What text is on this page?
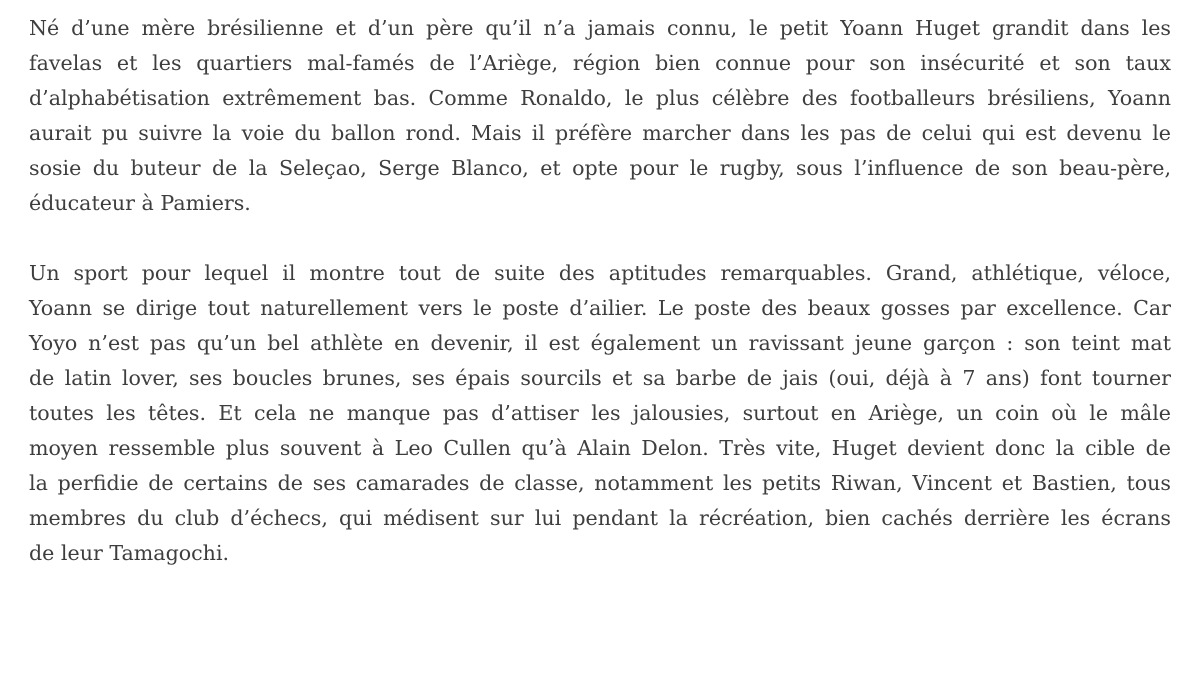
Né d’une mère brésilienne et d’un père qu’il n’a jamais connu, le petit Yoann Huget grandit dans les
favelas et les quartiers mal-famés de l’Ariège, région bien connue pour son insécurité et son taux
d’alphabétisation extrêmement bas. Comme Ronaldo, le plus célèbre des footballeurs brésiliens, Yoann
aurait pu suivre la voie du ballon rond. Mais il préfère marcher dans les pas de celui qui est devenu le
sosie du buteur de la Seleçao, Serge Blanco, et opte pour le rugby, sous l’influence de son beau-père,
éducateur à Pamiers.

Un sport pour lequel il montre tout de suite des aptitudes remarquables. Grand, athlétique, véloce,
Yoann se dirige tout naturellement vers le poste d’ailier. Le poste des beaux gosses par excellence. Car
Yoyo n’est pas qu’un bel athlète en devenir, il est également un ravissant jeune garçon : son teint mat
de latin lover, ses boucles brunes, ses épais sourcils et sa barbe de jais (oui, déjà à 7 ans) font tourner
toutes les têtes. Et cela ne manque pas d’attiser les jalousies, surtout en Ariège, un coin où le mâle
moyen ressemble plus souvent à Leo Cullen qu’à Alain Delon. Très vite, Huget devient donc la cible de
la perfidie de certains de ses camarades de classe, notamment les petits Riwan, Vincent et Bastien, tous
membres du club d’échecs, qui médisent sur lui pendant la récréation, bien cachés derrière les écrans
de leur Tamagochi.
